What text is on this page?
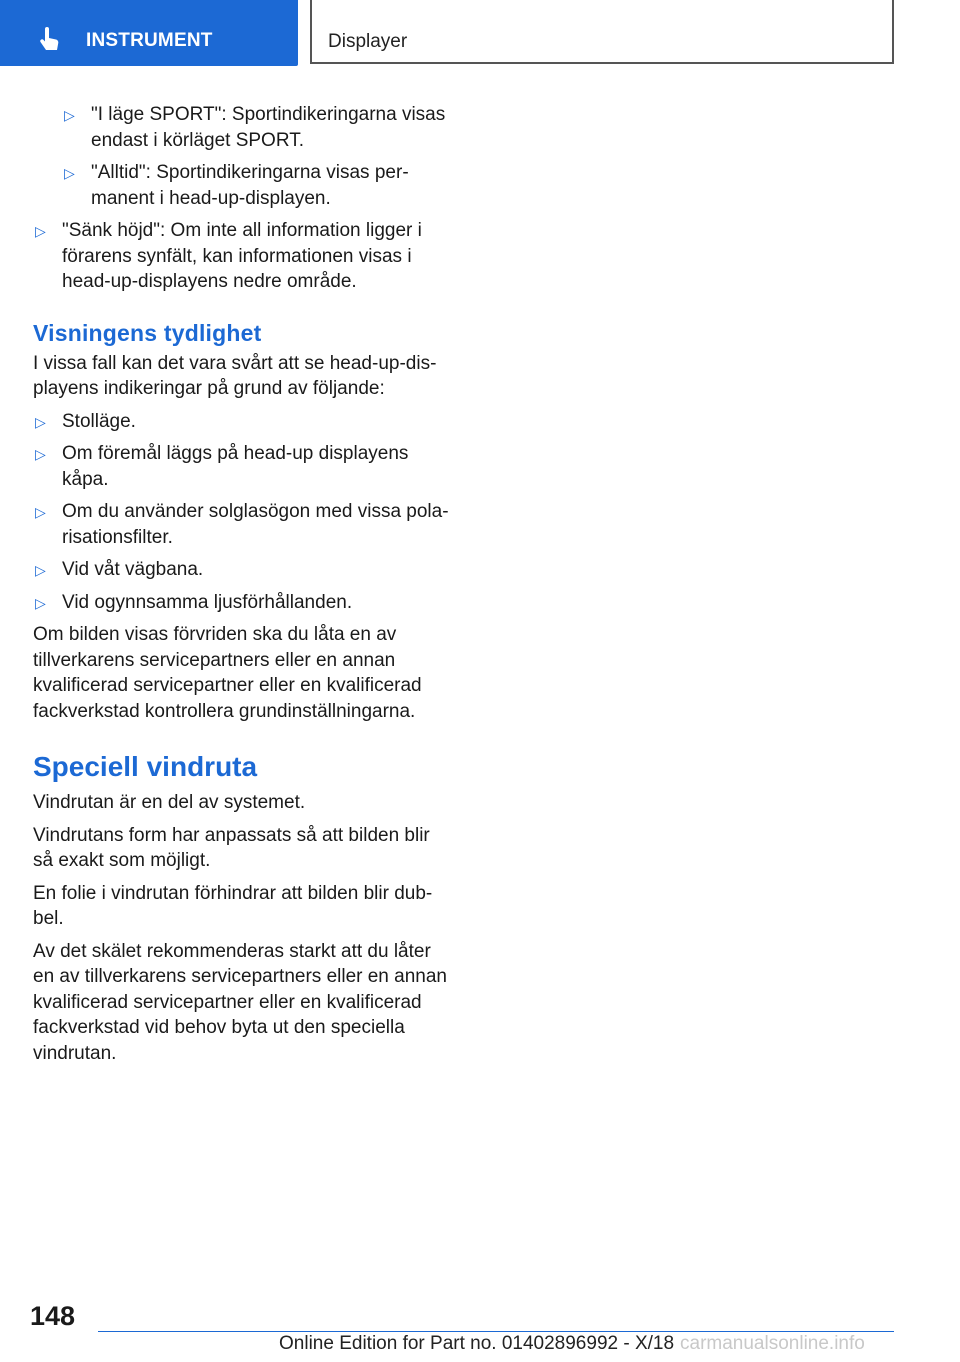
INSTRUMENT	Displayer
▷ "I läge SPORT": Sportindikeringarna visas endast i körläget SPORT.
▷ "Alltid": Sportindikeringarna visas permanent i head-up-displayen.
▷ "Sänk höjd": Om inte all information ligger i förarens synfält, kan informationen visas i head-up-displayens nedre område.
Visningens tydlighet

I vissa fall kan det vara svårt att se head-up-displayens indikeringar på grund av följande:

▷ Stolläge.
▷ Om föremål läggs på head-up displayens kåpa.
▷ Om du använder solglasögon med vissa polarisationsfilter.
▷ Vid våt vägbana.
▷ Vid ogynnsamma ljusförhållanden.

Om bilden visas förvriden ska du låta en av tillverkarens servicepartners eller en annan kvalificerad servicepartner eller en kvalificerad fackverkstad kontrollera grundinställningarna.

Speciell vindruta

Vindrutan är en del av systemet.

Vindrutans form har anpassats så att bilden blir så exakt som möjligt.

En folie i vindrutan förhindrar att bilden blir dubbel.

Av det skälet rekommenderas starkt att du låter en av tillverkarens servicepartners eller en annan kvalificerad servicepartner eller en kvalificerad fackverkstad vid behov byta ut den speciella vindrutan.

148
Online Edition for Part no. 01402896992 - X/18 carmanualsonline.info
